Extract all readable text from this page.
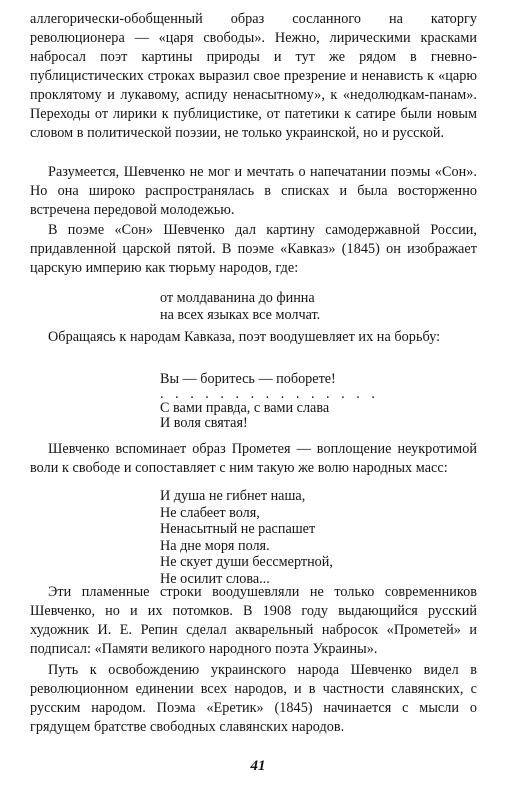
аллегорически-обобщенный образ сосланного на каторгу революционера — «царя свободы». Нежно, лирическими красками набросал поэт картины природы и тут же рядом в гневно-публицистических строках выразил свое презрение и ненависть к «царю проклятому и лукавому, аспиду ненасытному», к «недолюдкам-панам». Переходы от лирики к публицистике, от патетики к сатире были новым словом в политической поэзии, не только украинской, но и русской.

Разумеется, Шевченко не мог и мечтать о напечатании поэмы «Сон». Но она широко распространялась в списках и была восторженно встречена передовой молодежью.

В поэме «Сон» Шевченко дал картину самодержавной России, придавленной царской пятой. В поэме «Кавказ» (1845) он изображает царскую империю как тюрьму народов, где:

от молдаванина до финна
на всех языках все молчат.

Обращаясь к народам Кавказа, поэт воодушевляет их на борьбу:

Вы — боритесь — поборете!
. . . . . . . . . . . . . . .
С вами правда, с вами слава
И воля святая!

Шевченко вспоминает образ Прометея — воплощение неукротимой воли к свободе и сопоставляет с ним такую же волю народных масс:

И душа не гибнет наша,
Не слабеет воля,
Ненасытный не распашет
На дне моря поля.
Не скует души бессмертной,
Не осилит слова...

Эти пламенные строки воодушевляли не только современников Шевченко, но и их потомков. В 1908 году выдающийся русский художник И. Е. Репин сделал акварельный набросок «Прометей» и подписал: «Памяти великого народного поэта Украины».

Путь к освобождению украинского народа Шевченко видел в революционном единении всех народов, и в частности славянских, с русским народом. Поэма «Еретик» (1845) начинается с мысли о грядущем братстве свободных славянских народов.

41
